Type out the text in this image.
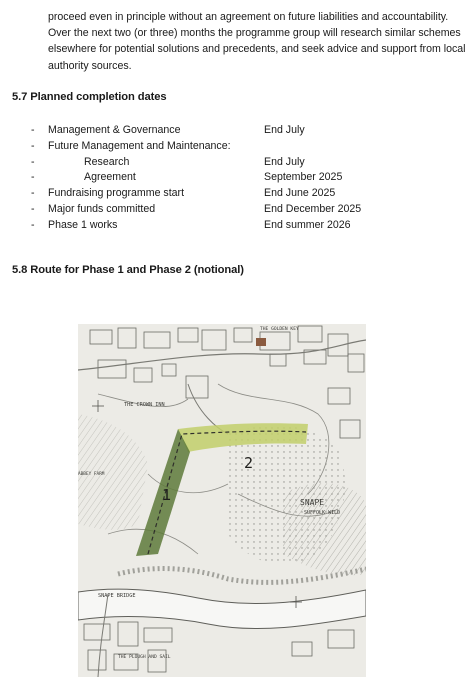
proceed even in principle without an agreement on future liabilities and accountability.
Over the next two (or three) months the programme group will research similar schemes
elsewhere for potential solutions and precedents, and seek advice and support from local
authority sources.
5.7 Planned completion dates
- Management & Governance	End July
- Future Management and Maintenance:
-	Research	End July
-	Agreement	September 2025
- Fundraising programme start	End June 2025
- Major funds committed	End December 2025
- Phase 1 works	End summer 2026
5.8 Route for Phase 1 and Phase 2 (notional)
THE CROWN INN
THE GOLDEN KEY
ABBEY FARM
SNAPE
SUFFOLK WILD
SNAPE BRIDGE
THE PLOUGH AND SAIL
1
2
